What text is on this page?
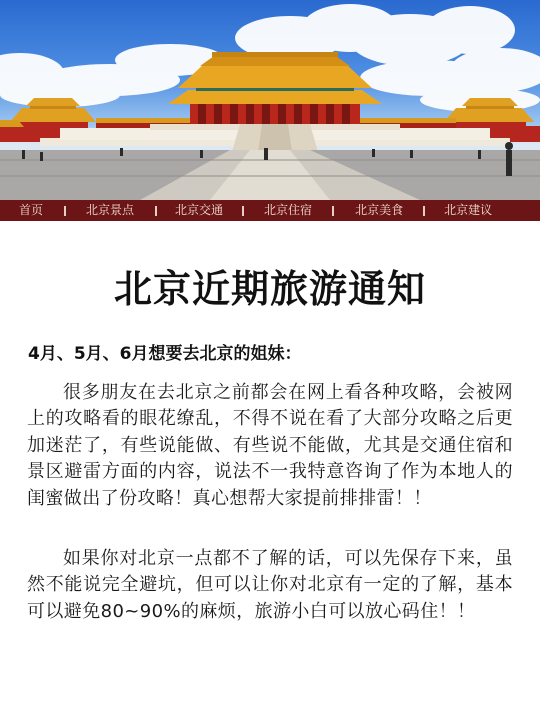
首页	北京景点	北京交通	北京住宿	北京美食	北京建议
北京近期旅游通知
4月、5月、6月想要去北京的姐妹：

很多朋友在去北京之前都会在网上看各种攻略，会被网上的攻略看的眼花缭乱，不得不说在看了大部分攻略之后更加迷茫了，有些说能做、有些说不能做，尤其是交通住宿和景区避雷方面的内容，说法不一我特意咨询了作为本地人的闺蜜做出了份攻略！真心想帮大家提前排排雷！！

如果你对北京一点都不了解的话，可以先保存下来，虽然不能说完全避坑，但可以让你对北京有一定的了解，基本可以避免80~90%的麻烦，旅游小白可以放心码住！！
